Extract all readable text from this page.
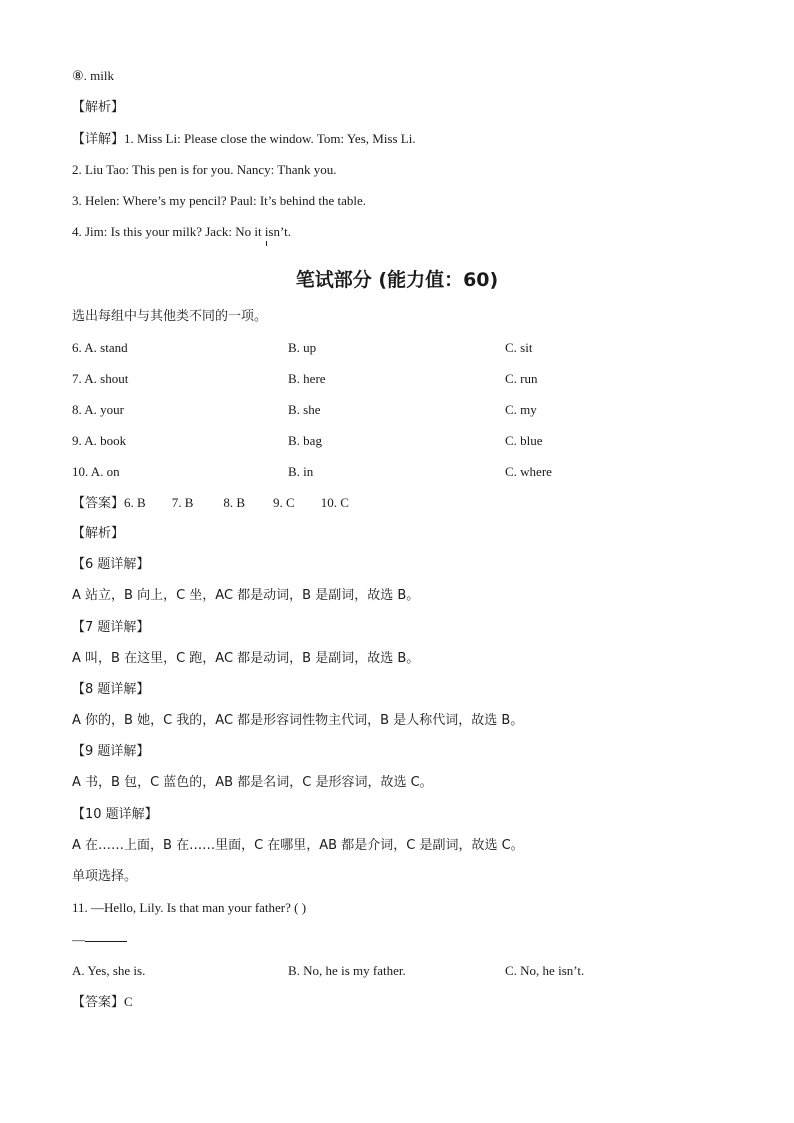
⑧. milk
【解析】
【详解】1. Miss Li: Please close the window. Tom: Yes, Miss Li.
2. Liu Tao: This pen is for you. Nancy: Thank you.
3. Helen: Where’s my pencil? Paul: It’s behind the table.
4. Jim: Is this your milk? Jack: No it isn’t.
笔试部分 (能力值：60)
选出每组中与其他类不同的一项。
6. A. stand	B. up	C. sit
7. A. shout	B. here	C. run
8. A. your	B. she	C. my
9. A. book	B. bag	C. blue
10. A. on	B. in	C. where
【答案】6. B 7. B 8. B 9. C 10. C
【解析】
【6 题详解】
A 站立，B 向上，C 坐，AC 都是动词，B 是副词，故选 B。
【7 题详解】
A 叫，B 在这里，C 跑，AC 都是动词，B 是副词，故选 B。
【8 题详解】
A 你的，B 她，C 我的，AC 都是形容词性物主代词，B 是人称代词，故选 B。
【9 题详解】
A 书，B 包，C 蓝色的，AB 都是名词，C 是形容词，故选 C。
【10 题详解】
A 在……上面，B 在……里面，C 在哪里，AB 都是介词，C 是副词，故选 C。
单项选择。
11. —Hello, Lily. Is that man your father? ( )
—
A. Yes, she is.	B. No, he is my father.	C. No, he isn’t.
【答案】C
